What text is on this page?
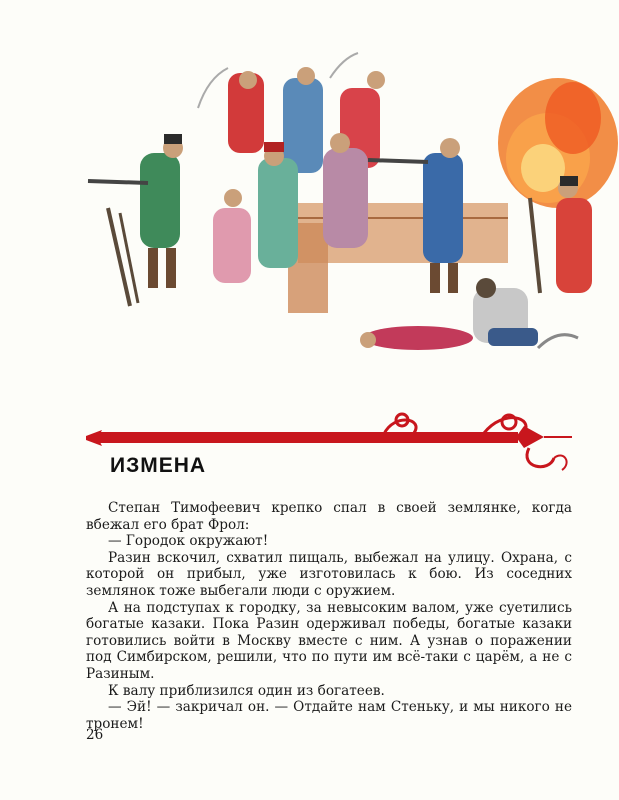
ИЗМЕНА

Степан Тимофеевич крепко спал в своей землянке, когда вбежал его брат Фрол:

— Городок окружают!

Разин вскочил, схватил пищаль, выбежал на улицу. Охрана, с которой он прибыл, уже изготовилась к бою. Из соседних землянок тоже выбегали люди с оружием.

А на подступах к городку, за невысоким валом, уже суетились богатые казаки. Пока Разин одерживал победы, богатые казаки готовились войти в Москву вместе с ним. А узнав о поражении под Симбирском, решили, что по пути им всё-таки с царём, а не с Разиным.

К валу приблизился один из богатеев.

— Эй! — закричал он. — Отдайте нам Стеньку, и мы никого не тронем!

26
